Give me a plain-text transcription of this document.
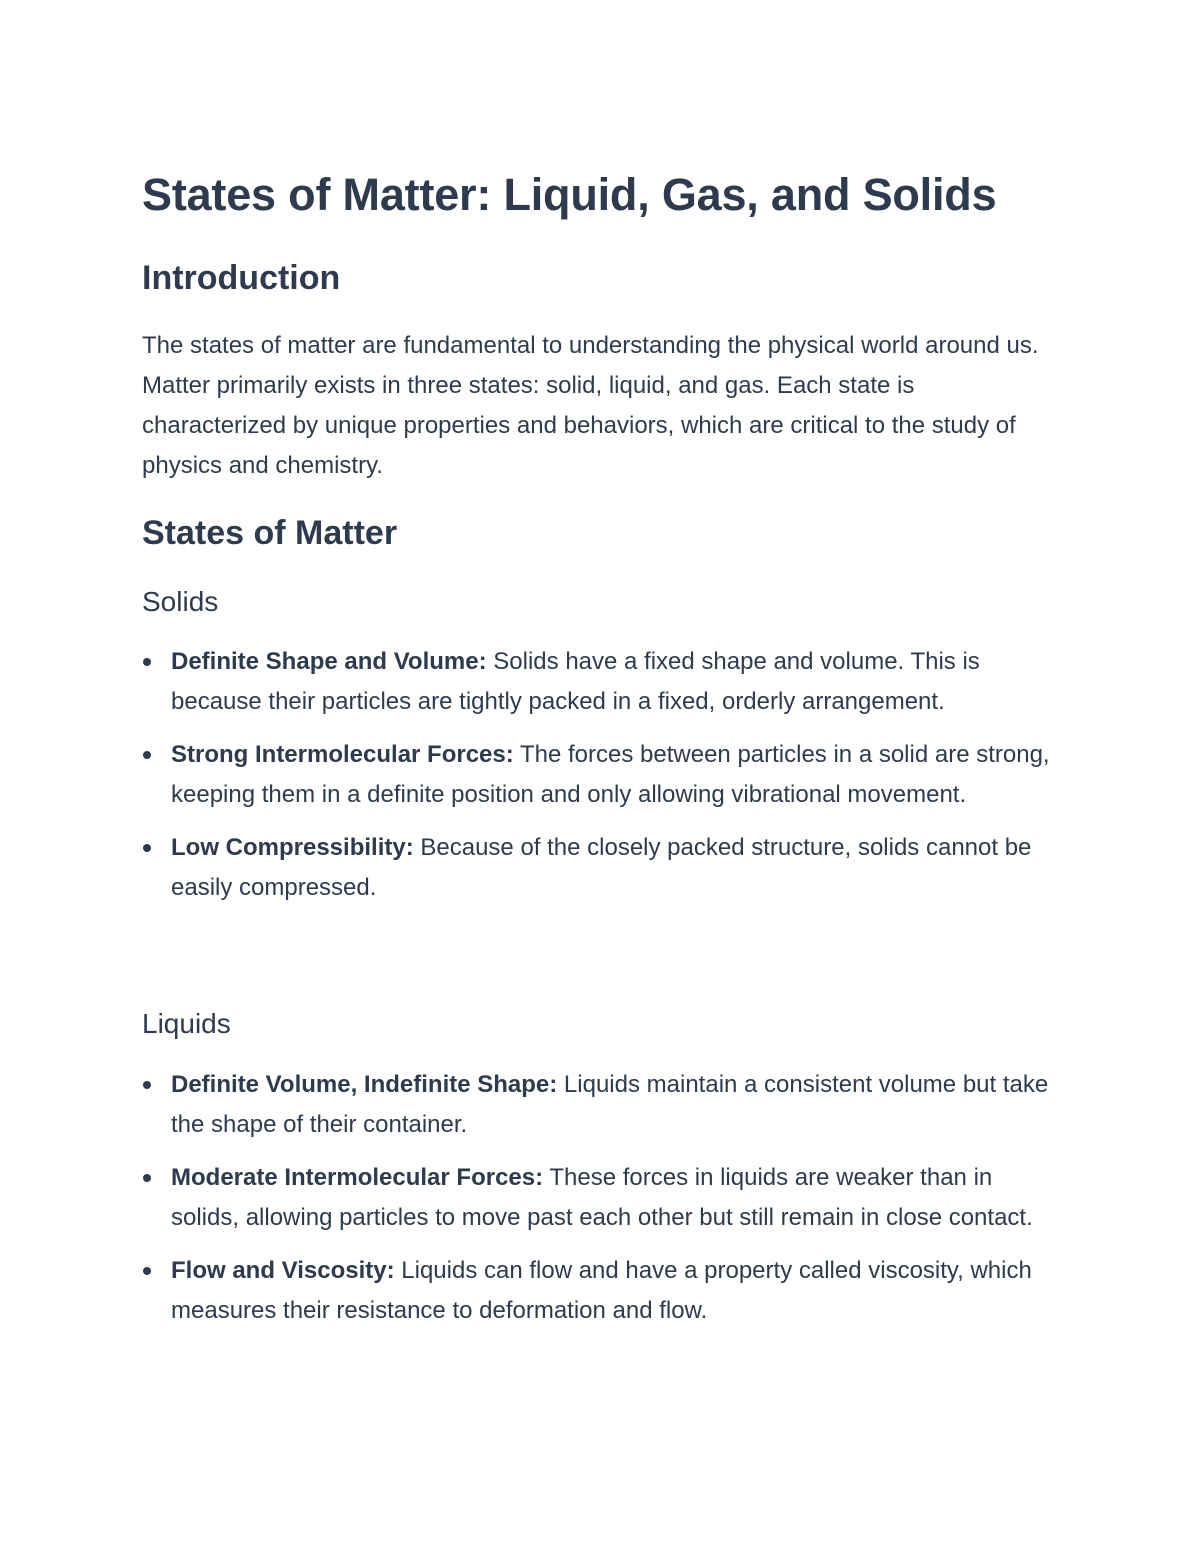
States of Matter: Liquid, Gas, and Solids
Introduction

The states of matter are fundamental to understanding the physical world around us. Matter primarily exists in three states: solid, liquid, and gas. Each state is characterized by unique properties and behaviors, which are critical to the study of physics and chemistry.

States of Matter
Solids
Definite Shape and Volume: Solids have a fixed shape and volume. This is because their particles are tightly packed in a fixed, orderly arrangement.
Strong Intermolecular Forces: The forces between particles in a solid are strong, keeping them in a definite position and only allowing vibrational movement.
Low Compressibility: Because of the closely packed structure, solids cannot be easily compressed.
Liquids
Definite Volume, Indefinite Shape: Liquids maintain a consistent volume but take the shape of their container.
Moderate Intermolecular Forces: These forces in liquids are weaker than in solids, allowing particles to move past each other but still remain in close contact.
Flow and Viscosity: Liquids can flow and have a property called viscosity, which measures their resistance to deformation and flow.
